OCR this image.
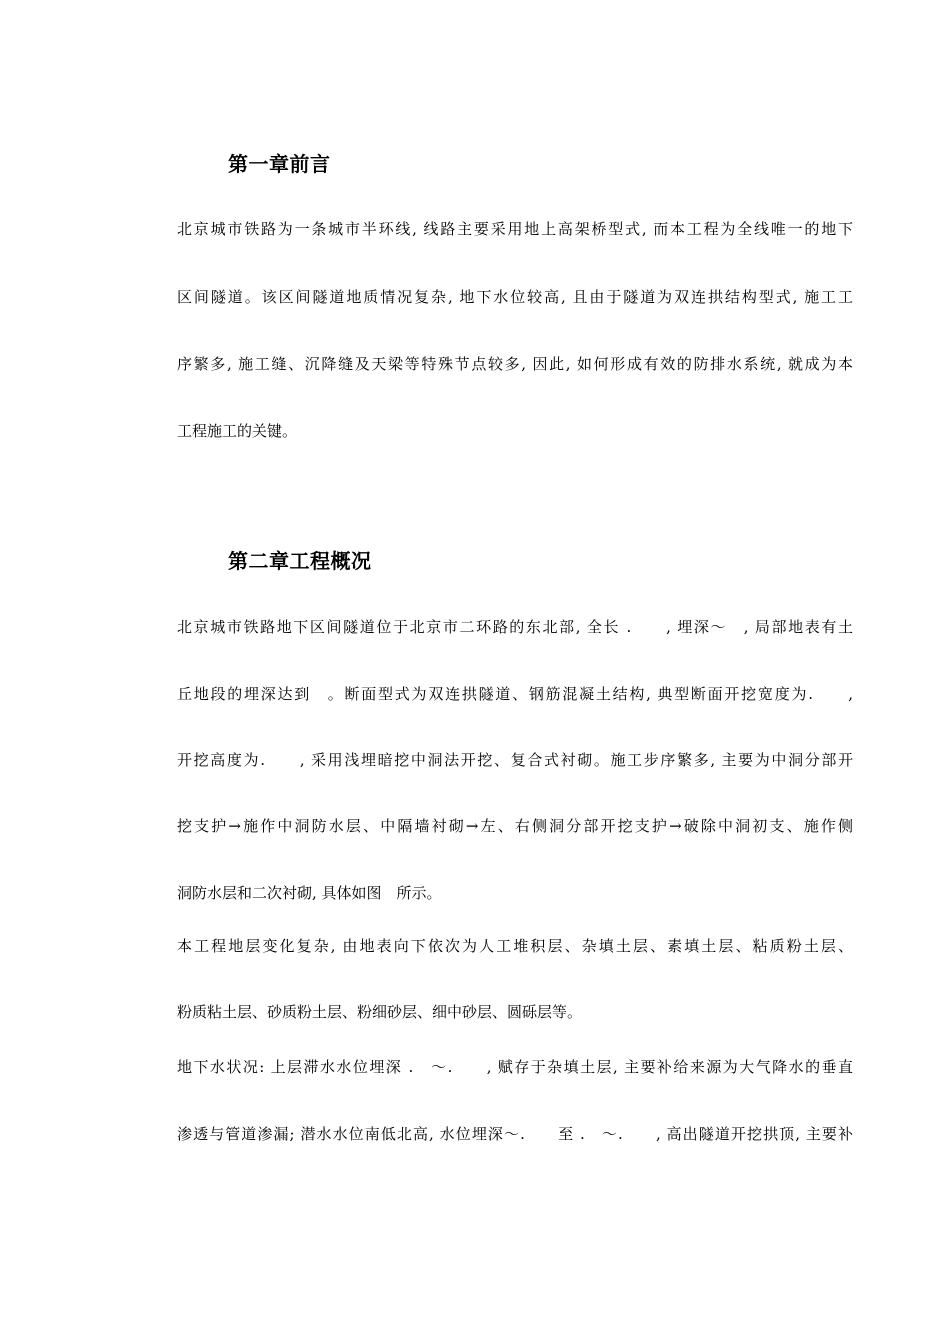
第一章前言

北京城市铁路为一条城市半环线, 线路主要采用地上高架桥型式, 而本工程为全线唯一的地下

区间隧道。该区间隧道地质情况复杂, 地下水位较高, 且由于隧道为双连拱结构型式, 施工工

序繁多, 施工缝、沉降缝及天梁等特殊节点较多, 因此, 如何形成有效的防排水系统, 就成为本

工程施工的关键。

第二章工程概况

北京城市铁路地下区间隧道位于北京市二环路的东北部, 全长 .　　, 埋深～　, 局部地表有土

丘地段的埋深达到　。断面型式为双连拱隧道、钢筋混凝土结构, 典型断面开挖宽度为.　　,

开挖高度为.　　, 采用浅埋暗挖中洞法开挖、复合式衬砌。施工步序繁多, 主要为中洞分部开

挖支护→施作中洞防水层、中隔墙衬砌→左、右侧洞分部开挖支护→破除中洞初支、施作侧

洞防水层和二次衬砌, 具体如图　所示。

本工程地层变化复杂, 由地表向下依次为人工堆积层、杂填土层、素填土层、粘质粉土层、

粉质粘土层、砂质粉土层、粉细砂层、细中砂层、圆砾层等。

地下水状况: 上层滞水水位埋深 .　～.　　, 赋存于杂填土层, 主要补给来源为大气降水的垂直

渗透与管道渗漏; 潜水水位南低北高, 水位埋深～.　　至 .　～.　　, 高出隧道开挖拱顶, 主要补
